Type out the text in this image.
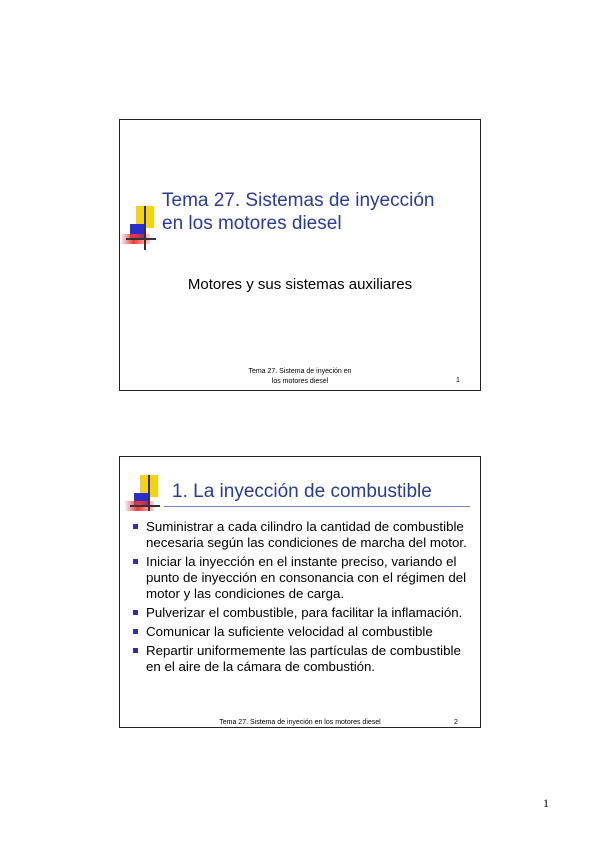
Tema 27. Sistemas de inyección
en los motores diesel

Motores y sus sistemas auxiliares

Tema 27. Sistema de inyeción en
los motores diesel	1
1. La inyección de combustible
Suministrar a cada cilindro la cantidad de combustible necesaria según las condiciones de marcha del motor.
Iniciar la inyección en el instante preciso, variando el punto de inyección en consonancia con el régimen del motor y las condiciones de carga.
Pulverizar el combustible, para facilitar la inflamación.
Comunicar la suficiente velocidad al combustible
Repartir uniformemente las partículas de combustible en el aire de la cámara de combustión.
Tema 27. Sistema de inyeción en los motores diesel	2
1
